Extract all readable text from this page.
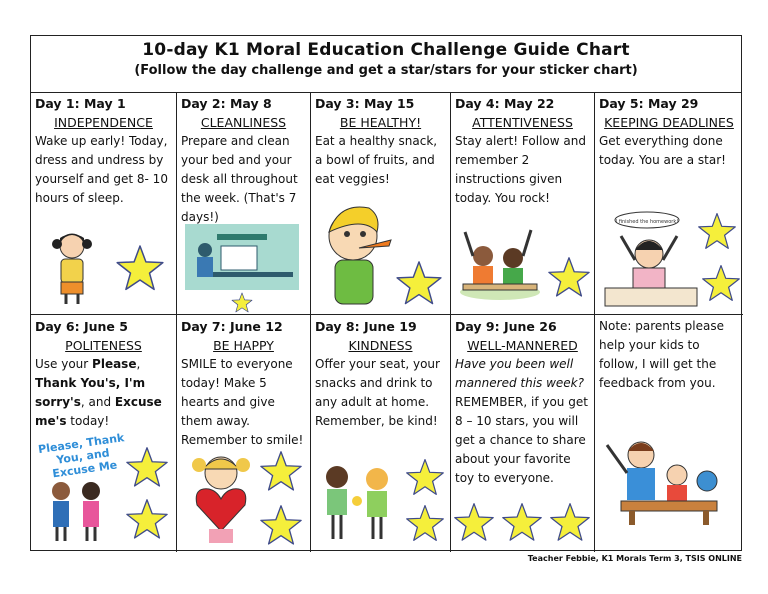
10-day K1 Moral Education Challenge Guide Chart
(Follow the day challenge and get a star/stars for your sticker chart)
Day 1: May 1
INDEPENDENCE
Wake up early! Today, dress and undress by yourself and get 8- 10 hours of sleep.
Day 2: May 8
CLEANLINESS
Prepare and clean your bed and your desk all throughout the week. (That's 7 days!)
Day 3: May 15
BE HEALTHY!
Eat a healthy snack, a bowl of fruits, and eat veggies!
Day 4: May 22
ATTENTIVENESS
Stay alert! Follow and remember 2 instructions given today. You rock!
Day 5: May 29
KEEPING DEADLINES
Get everything done today. You are a star!
I finished the homework!
Day 6: June 5
POLITENESS
Use your Please, Thank You's, I'm sorry's, and Excuse me's today!
Please, Thank You, and Excuse Me
Day 7: June 12
BE HAPPY
SMILE to everyone today! Make 5 hearts and give them away. Remember to smile!
Day 8: June 19
KINDNESS
Offer your seat, your snacks and drink to any adult at home. Remember, be kind!
Day 9: June 26
WELL-MANNERED
Have you been well mannered this week? REMEMBER, if you get 8 – 10 stars, you will get a chance to share about your favorite toy to everyone.
Note: parents please help your kids to follow, I will get the feedback from you.
Teacher Febbie, K1 Morals Term 3, TSIS ONLINE
